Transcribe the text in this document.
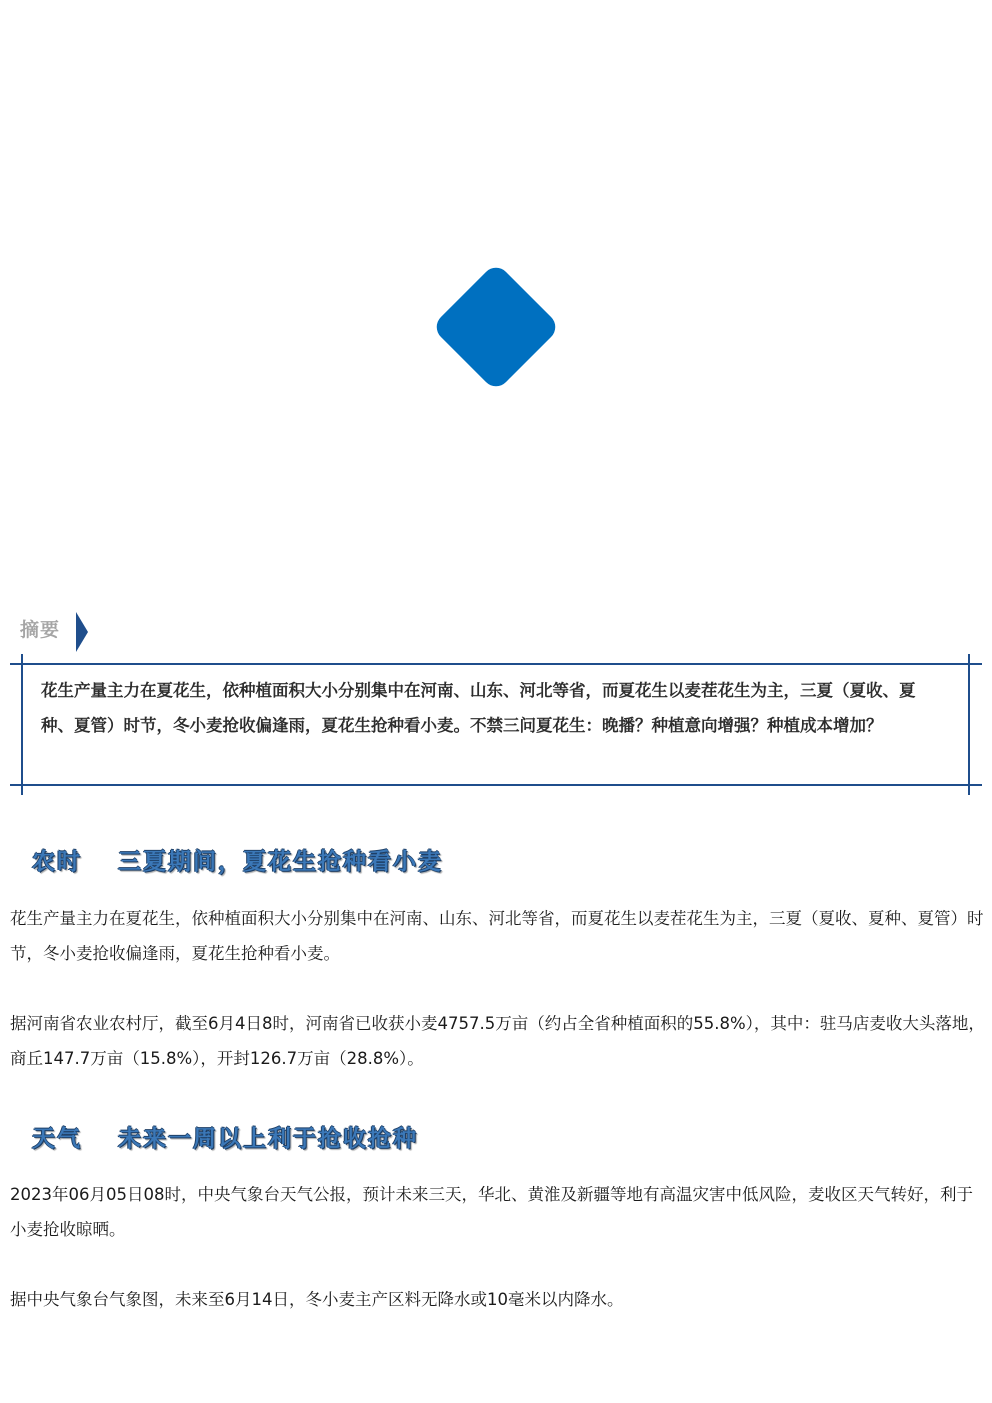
摘要
花生产量主力在夏花生，依种植面积大小分别集中在河南、山东、河北等省，而夏花生以麦茬花生为主，三夏（夏收、夏种、夏管）时节，冬小麦抢收偏逢雨，夏花生抢种看小麦。不禁三问夏花生：晚播？种植意向增强？种植成本增加？
农时 三夏期间，夏花生抢种看小麦
花生产量主力在夏花生，依种植面积大小分别集中在河南、山东、河北等省，而夏花生以麦茬花生为主，三夏（夏收、夏种、夏管）时节，冬小麦抢收偏逢雨，夏花生抢种看小麦。
据河南省农业农村厅，截至6月4日8时，河南省已收获小麦4757.5万亩（约占全省种植面积的55.8%），其中：驻马店麦收大头落地，商丘147.7万亩（15.8%），开封126.7万亩（28.8%）。
天气 未来一周以上利于抢收抢种
2023年06月05日08时，中央气象台天气公报，预计未来三天，华北、黄淮及新疆等地有高温灾害中低风险，麦收区天气转好，利于小麦抢收晾晒。
据中央气象台气象图，未来至6月14日，冬小麦主产区料无降水或10毫米以内降水。
